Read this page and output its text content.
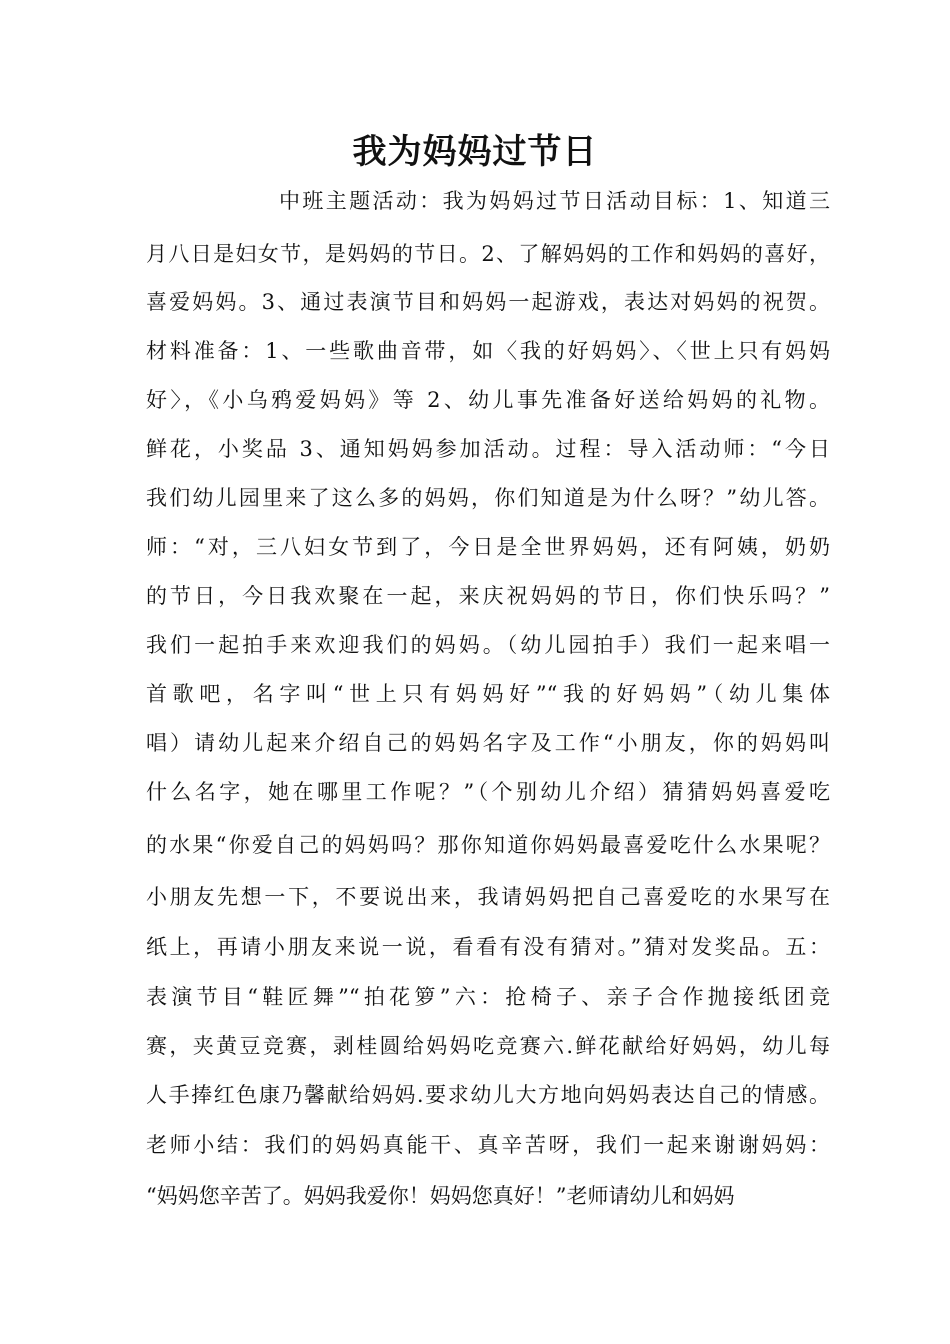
我为妈妈过节日
中班主题活动：我为妈妈过节日活动目标：1、知道三
月八日是妇女节，是妈妈的节日。2、了解妈妈的工作和妈妈的喜好，
喜爱妈妈。3、通过表演节目和妈妈一起游戏，表达对妈妈的祝贺。
材料准备：1、一些歌曲音带，如〈我的好妈妈〉、〈世上只有妈妈
好〉，《小乌鸦爱妈妈》等 2、幼儿事先准备好送给妈妈的礼物。
鲜花，小奖品 3、通知妈妈参加活动。过程：导入活动师：“今日
我们幼儿园里来了这么多的妈妈，你们知道是为什么呀？”幼儿答。
师：“对，三八妇女节到了，今日是全世界妈妈，还有阿姨，奶奶
的节日，今日我欢聚在一起，来庆祝妈妈的节日，你们快乐吗？”
我们一起拍手来欢迎我们的妈妈。（幼儿园拍手）我们一起来唱一
首歌吧，名字叫“世上只有妈妈好”“我的好妈妈”（幼儿集体
唱）请幼儿起来介绍自己的妈妈名字及工作“小朋友，你的妈妈叫
什么名字，她在哪里工作呢？”（个别幼儿介绍）猜猜妈妈喜爱吃
的水果“你爱自己的妈妈吗？那你知道你妈妈最喜爱吃什么水果呢？
小朋友先想一下，不要说出来，我请妈妈把自己喜爱吃的水果写在
纸上，再请小朋友来说一说，看看有没有猜对。”猜对发奖品。五：
表演节目“鞋匠舞”“拍花箩”六：抢椅子、亲子合作抛接纸团竞
赛，夹黄豆竞赛，剥桂圆给妈妈吃竞赛六.鲜花献给好妈妈，幼儿每
人手捧红色康乃馨献给妈妈.要求幼儿大方地向妈妈表达自己的情感。
老师小结：我们的妈妈真能干、真辛苦呀，我们一起来谢谢妈妈：
“妈妈您辛苦了。妈妈我爱你！妈妈您真好！”老师请幼儿和妈妈
